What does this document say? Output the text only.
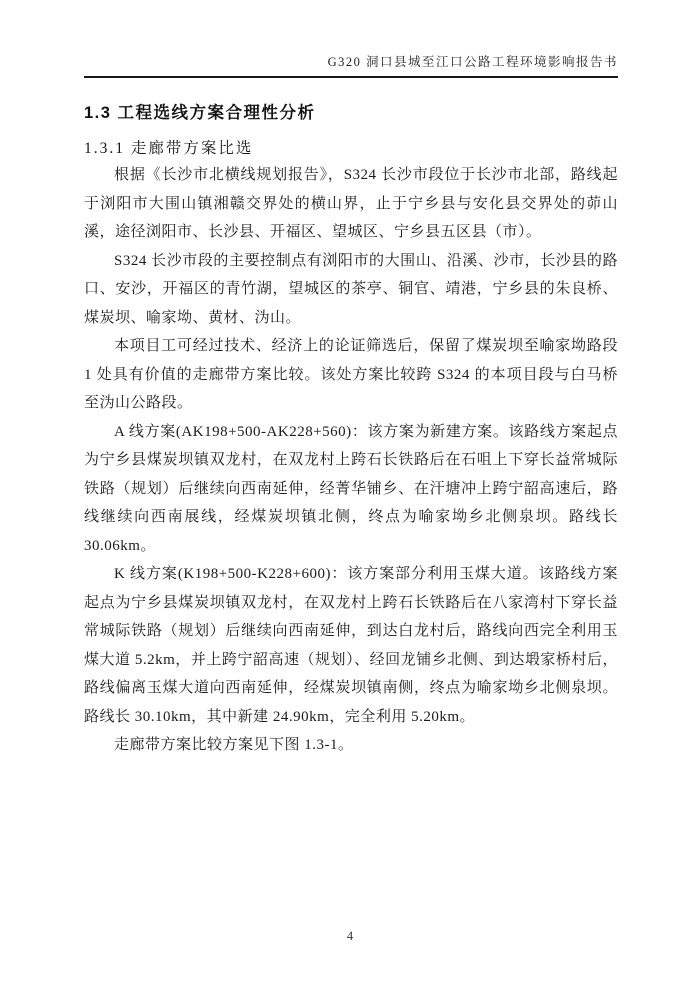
G320 洞口县城至江口公路工程环境影响报告书
1.3 工程选线方案合理性分析
1.3.1 走廊带方案比选

根据《长沙市北横线规划报告》，S324 长沙市段位于长沙市北部，路线起于浏阳市大围山镇湘赣交界处的横山界，止于宁乡县与安化县交界处的茆山溪，途径浏阳市、长沙县、开福区、望城区、宁乡县五区县（市）。

S324 长沙市段的主要控制点有浏阳市的大围山、沿溪、沙市，长沙县的路口、安沙，开福区的青竹湖，望城区的茶亭、铜官、靖港，宁乡县的朱良桥、煤炭坝、喻家坳、黄材、沩山。

本项目工可经过技术、经济上的论证筛选后，保留了煤炭坝至喻家坳路段 1 处具有价值的走廊带方案比较。该处方案比较跨 S324 的本项目段与白马桥至沩山公路段。

A 线方案(AK198+500-AK228+560)：该方案为新建方案。该路线方案起点为宁乡县煤炭坝镇双龙村，在双龙村上跨石长铁路后在石咀上下穿长益常城际铁路（规划）后继续向西南延伸，经菁华铺乡、在汗塘冲上跨宁韶高速后，路线继续向西南展线，经煤炭坝镇北侧，终点为喻家坳乡北侧泉坝。路线长 30.06km。

K 线方案(K198+500-K228+600)：该方案部分利用玉煤大道。该路线方案起点为宁乡县煤炭坝镇双龙村，在双龙村上跨石长铁路后在八家湾村下穿长益常城际铁路（规划）后继续向西南延伸，到达白龙村后，路线向西完全利用玉煤大道 5.2km，并上跨宁韶高速（规划）、经回龙铺乡北侧、到达塅家桥村后，路线偏离玉煤大道向西南延伸，经煤炭坝镇南侧，终点为喻家坳乡北侧泉坝。路线长 30.10km，其中新建 24.90km，完全利用 5.20km。

走廊带方案比较方案见下图 1.3-1。

4
